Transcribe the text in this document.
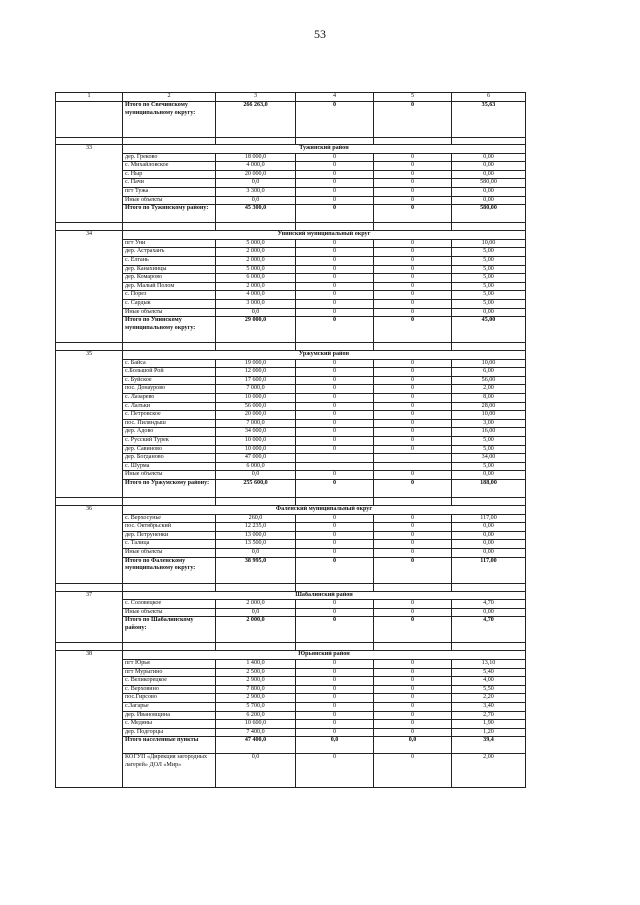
53
1	2	3	4	5	6
	Итого по Свечинскому муниципальному округу:	266 263,0	0	0	35,63

33	Тужинский район				
	дер. Греково	18 000,0	0	0	0,00
	с. Михайловское	4 000,0	0	0	0,00
	с. Ныр	20 000,0	0	0	0,00
	с. Пачи	0,0	0	0	580,00
	пгт Тужа	3 300,0	0	0	0,00
	Иные объекты	0,0	0	0	0,00
	Итого по Тужинскому району:	45 300,0	0	0	580,00

34	Унинский муниципальный округ				
	пгт Уни	5 000,0	0	0	10,00
	дер. Астраханъ	2 000,0	0	0	5,00
	с. Елгань	2 000,0	0	0	5,00
	дер. Канахинцы	5 000,0	0	0	5,00
	дер. Комарово	6 000,0	0	0	5,00
	дер. Малый Полом	2 000,0	0	0	5,00
	с. Порез	4 000,0	0	0	5,00
	с. Сардык	3 000,0	0	0	5,00
	Иные объекты	0,0	0	0	0,00
	Итого по Унинскому муниципальному округу:	29 000,0	0	0	45,00

35	Уржумский район				
	с. Байса	19 000,0	0	0	10,00
	с.Большой Рой	12 000,0	0	0	6,00
	с. Буйское	17 600,0	0	0	56,00
	пос. Донаурово	7 000,0	0	0	2,00
	с. Лазарево	10 000,0	0	0	8,00
	с. Лалъки	56 000,0	0	0	28,00
	с. Петровское	20 000,0	0	0	10,00
	пос. Пиляндыш	7 000,0	0	0	3,00
	дер. Адово	34 000,0	0	0	16,00
	с. Русский Турек	10 000,0	0	0	5,00
	дер. Савиново	10 000,0	0	0	5,00
	дер. Богданово	47 000,0			34,00
	с. Шурма	6 000,0			5,00
	Иные объекты	0,0	0	0	0,00
	Итого по Уржумскому району:	255 600,0	0	0	188,00

36	Фаленский муниципальный округ				
	с. Верхосунье	260,0	0	0	117,00
	пос. Октябрьский	12 235,0	0	0	0,00
	дер. Петруненки	13 000,0	0	0	0,00
	с. Талица	13 500,0	0	0	0,00
	Иные объекты	0,0	0	0	0,00
	Итого по Фаленскому муниципальному округу:	38 995,0	0	0	117,00

37	Шабалинский район				
	с. Соловецкое	2 000,0	0	0	4,70
	Иные объекты	0,0	0	0	0,00
	Итого по Шабалинскому району:	2 000,0	0	0	4,70

38	Юрьянский район				
	пгт Юрья	1 400,0	0	0	13,10
	пгт Мурыгино	2 500,0	0	0	5,40
	с. Великорецкое	2 900,0	0	0	4,00
	с. Верховино	7 800,0	0	0	5,50
	пос.Гирсово	2 900,0	0	0	2,20
	с.Загарье	5 700,0	0	0	3,40
	дер. Ивановщина	6 200,0	0	0	2,70
	с. Медяны	10 600,0	0	0	1,90
	дер. Подгорцы	7 400,0	0	0	1,20
	Итого населенные пункты	47 400,0	0,0	0,0	39,4
	КОГУП «Дирекция загородных лагерей» ДОЛ «Мир»	0,0	0	0	2,00
